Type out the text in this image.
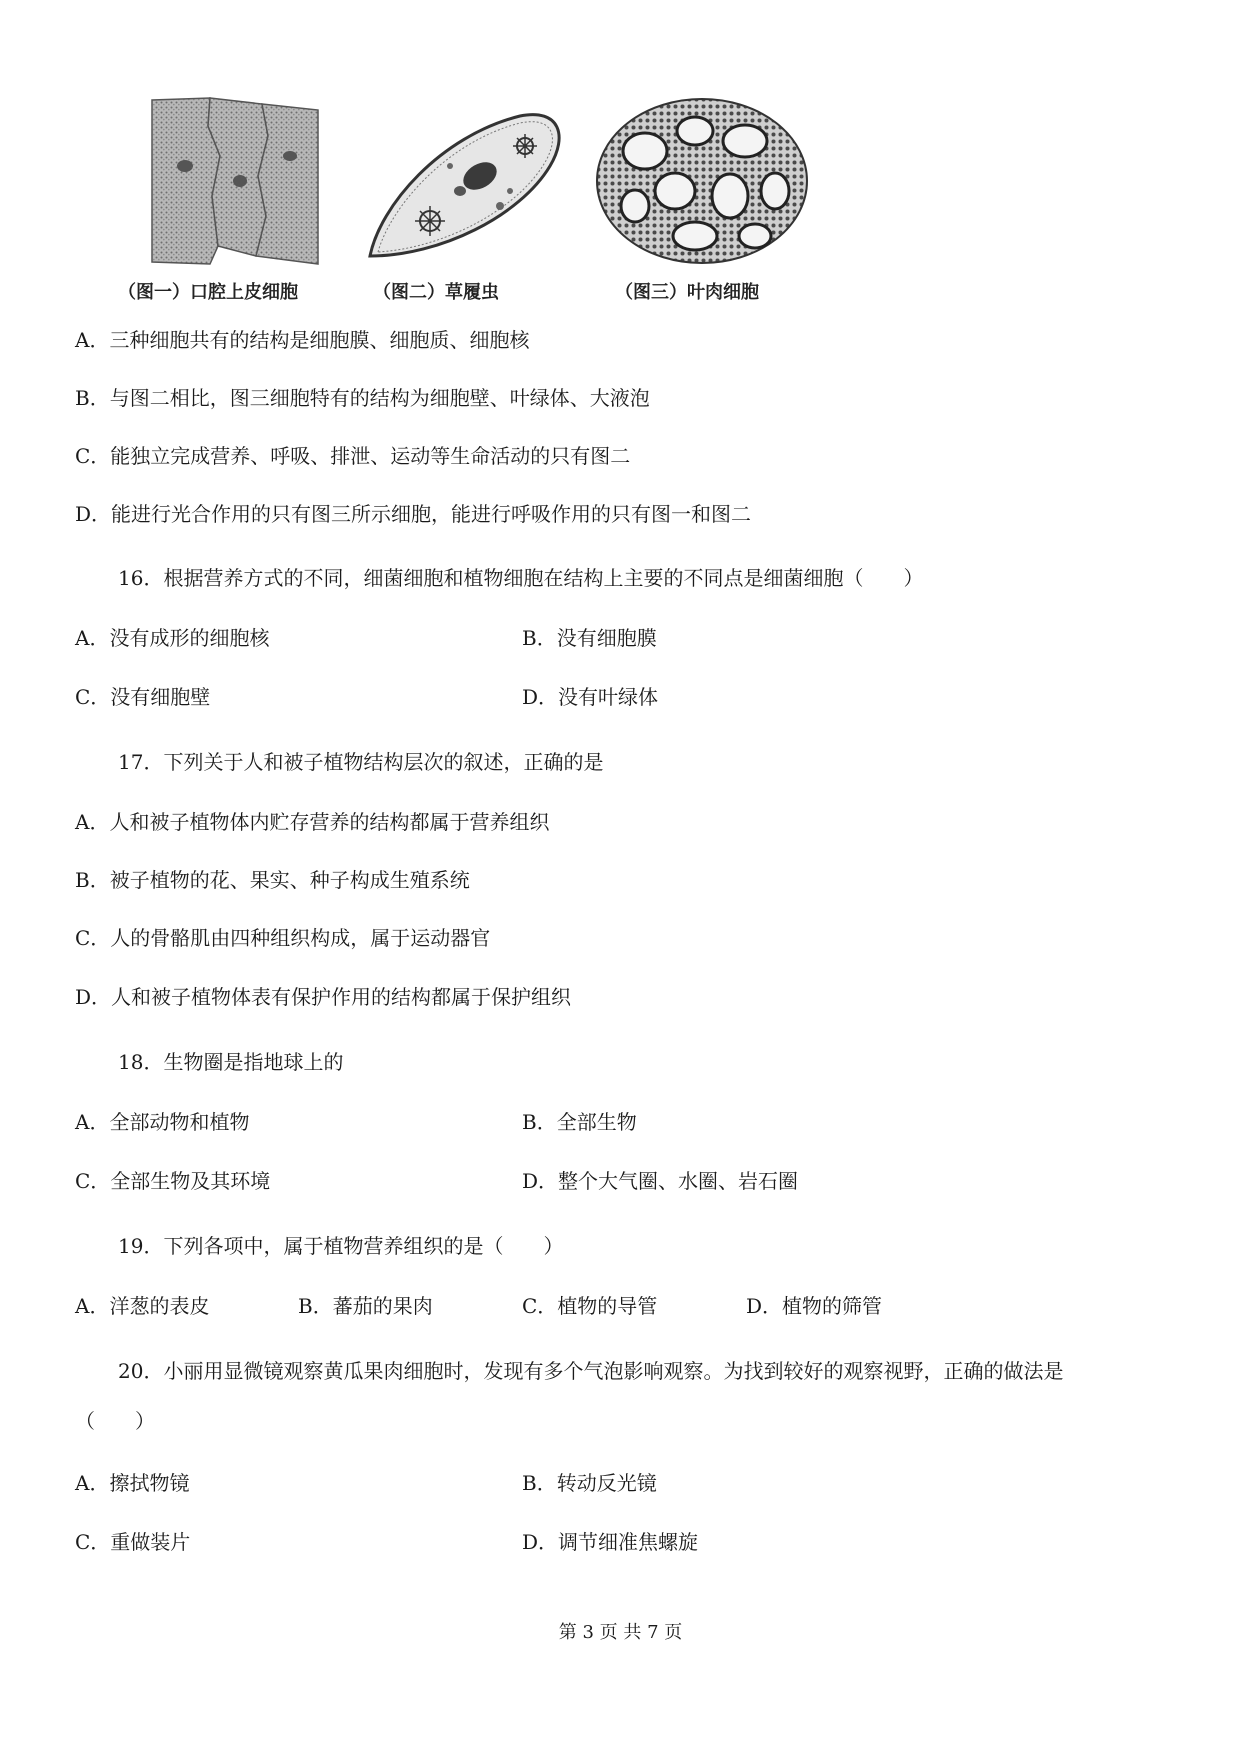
（图一）口腔上皮细胞	（图二）草履虫	（图三）叶肉细胞
A．三种细胞共有的结构是细胞膜、细胞质、细胞核
B．与图二相比，图三细胞特有的结构为细胞壁、叶绿体、大液泡
C．能独立完成营养、呼吸、排泄、运动等生命活动的只有图二
D．能进行光合作用的只有图三所示细胞，能进行呼吸作用的只有图一和图二
16．根据营养方式的不同，细菌细胞和植物细胞在结构上主要的不同点是细菌细胞（　　）
A．没有成形的细胞核	B．没有细胞膜
C．没有细胞壁	D．没有叶绿体
17．下列关于人和被子植物结构层次的叙述，正确的是
A．人和被子植物体内贮存营养的结构都属于营养组织
B．被子植物的花、果实、种子构成生殖系统
C．人的骨骼肌由四种组织构成，属于运动器官
D．人和被子植物体表有保护作用的结构都属于保护组织
18．生物圈是指地球上的
A．全部动物和植物	B．全部生物
C．全部生物及其环境	D．整个大气圈、水圈、岩石圈
19．下列各项中，属于植物营养组织的是（　　）
A．洋葱的表皮	B．蕃茄的果肉	C．植物的导管	D．植物的筛管
20．小丽用显微镜观察黄瓜果肉细胞时，发现有多个气泡影响观察。为找到较好的观察视野，正确的做法是
（　　）
A．擦拭物镜	B．转动反光镜
C．重做装片	D．调节细准焦螺旋
第 3 页 共 7 页
